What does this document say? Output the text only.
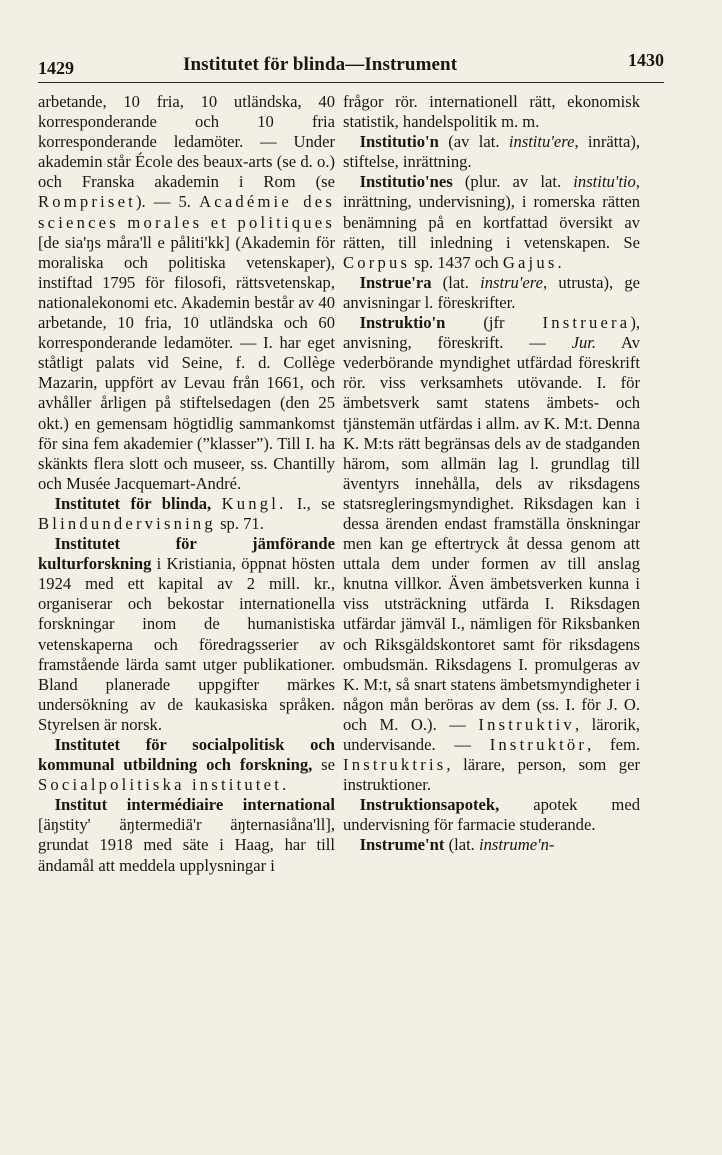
1429	Institutet för blinda—Instrument	1430

arbetande, 10 fria, 10 utländska, 40 korresponderande och 10 fria korresponderande ledamöter. — Under akademin står École des beaux-arts (se d. o.) och Franska akademin i Rom (se Rompriset). — 5. Académie des sciences morales et politiques [de sia'ŋs måra'll e påliti'kk] (Akademin för moraliska och politiska vetenskaper), instiftad 1795 för filosofi, rättsvetenskap, nationalekonomi etc. Akademin består av 40 arbetande, 10 fria, 10 utländska och 60 korresponderande ledamöter. — I. har eget ståtligt palats vid Seine, f. d. Collège Mazarin, uppfört av Levau från 1661, och avhåller årligen på stiftelsedagen (den 25 okt.) en gemensam högtidlig sammankomst för sina fem akademier (”klasser”). Till I. ha skänkts flera slott och museer, ss. Chantilly och Musée Jacquemart-André.

 Institutet för blinda, Kungl. I., se Blindundervisning sp. 71.

 Institutet för jämförande kulturforskning i Kristiania, öppnat hösten 1924 med ett kapital av 2 mill. kr., organiserar och bekostar internationella forskningar inom de humanistiska vetenskaperna och föredragsserier av framstående lärda samt utger publikationer. Bland planerade uppgifter märkes undersökning av de kaukasiska språken. Styrelsen är norsk.

 Institutet för socialpolitisk och kommunal utbildning och forskning, se Socialpolitiska institutet.

 Institut intermédiaire international [äŋstity' äŋtermediä'r äŋternasiåna'll], grundat 1918 med säte i Haag, har till ändamål att meddela upplysningar i

frågor rör. internationell rätt, ekonomisk statistik, handelspolitik m. m.

 Institutio'n (av lat. institu'ere, inrätta), stiftelse, inrättning.

 Institutio'nes (plur. av lat. institu'tio, inrättning, undervisning), i romerska rätten benämning på en kortfattad översikt av rätten, till inledning i vetenskapen. Se Corpus sp. 1437 och Gajus.

 Instrue'ra (lat. instru'ere, utrusta), ge anvisningar l. föreskrifter.

 Instruktio'n (jfr Instruera), anvisning, föreskrift. — Jur. Av vederbörande myndighet utfärdad föreskrift rör. viss verksamhets utövande. I. för ämbetsverk samt statens ämbets- och tjänstemän utfärdas i allm. av K. M:t. Denna K. M:ts rätt begränsas dels av de stadganden härom, som allmän lag l. grundlag till äventyrs innehålla, dels av riksdagens statsregleringsmyndighet. Riksdagen kan i dessa ärenden endast framställa önskningar men kan ge eftertryck åt dessa genom att uttala dem under formen av till anslag knutna villkor. Även ämbetsverken kunna i viss utsträckning utfärda I. Riksdagen utfärdar jämväl I., nämligen för Riksbanken och Riksgäldskontoret samt för riksdagens ombudsmän. Riksdagens I. promulgeras av K. M:t, så snart statens ämbetsmyndigheter i någon mån beröras av dem (ss. I. för J. O. och M. O.). — Instruktiv, lärorik, undervisande. — Instruktör, fem. Instruktris, lärare, person, som ger instruktioner.

 Instruktionsapotek, apotek med undervisning för farmacie studerande.

 Instrume'nt (lat. instrume'n-
